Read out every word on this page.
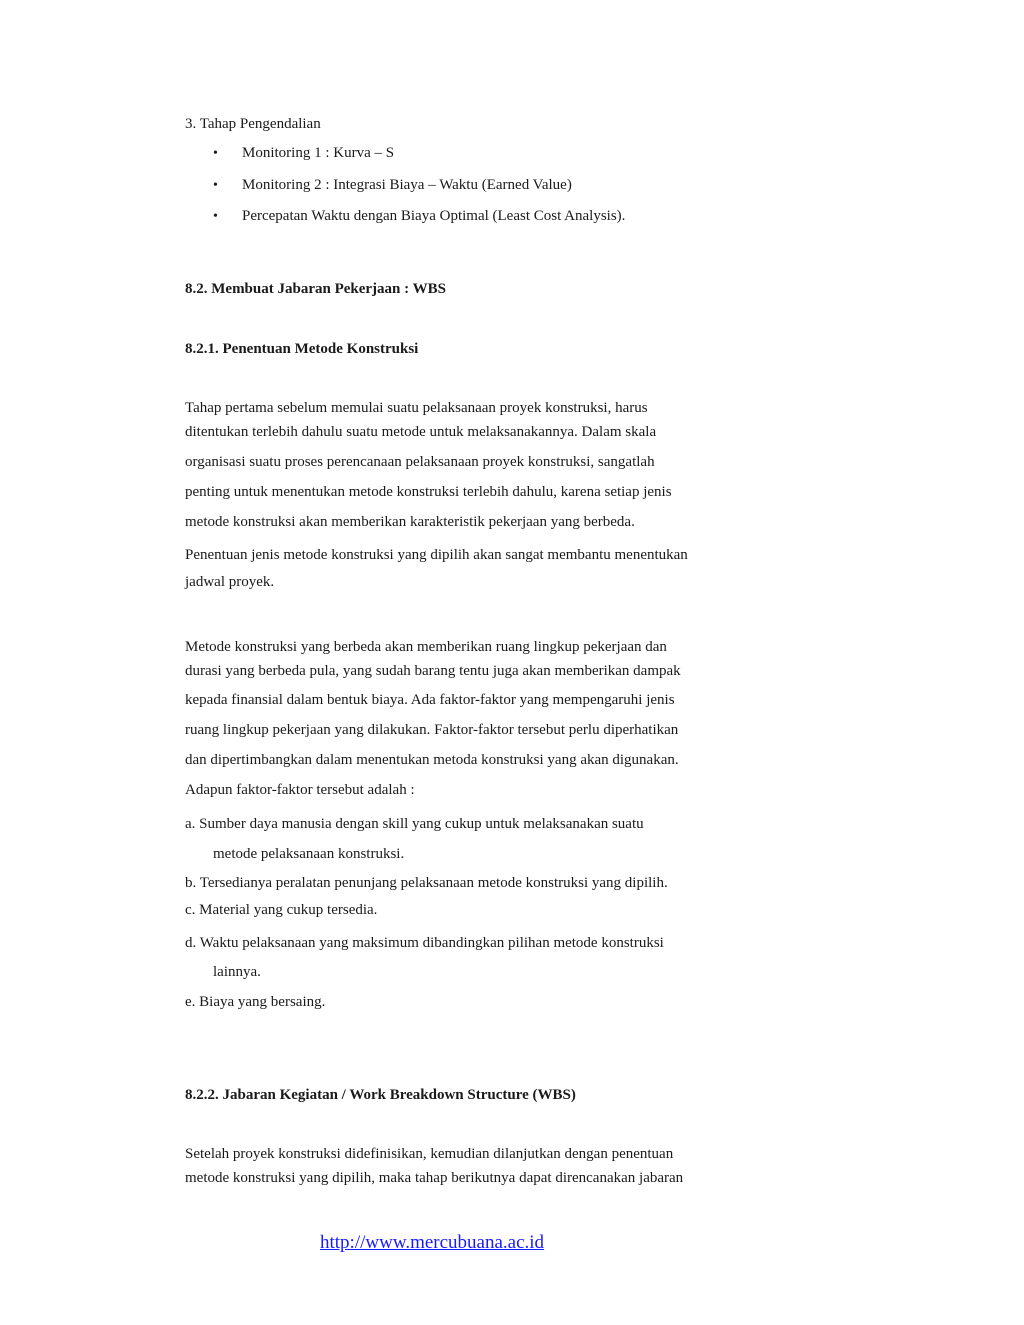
3. Tahap Pengendalian
• Monitoring 1 : Kurva – S
• Monitoring 2 : Integrasi Biaya – Waktu (Earned Value)
• Percepatan Waktu dengan Biaya Optimal (Least Cost Analysis).
8.2. Membuat Jabaran Pekerjaan : WBS
8.2.1. Penentuan Metode Konstruksi
Tahap pertama sebelum memulai suatu pelaksanaan proyek konstruksi, harus
ditentukan terlebih dahulu suatu metode untuk melaksanakannya. Dalam skala
organisasi suatu proses perencanaan pelaksanaan proyek konstruksi, sangatlah
penting untuk menentukan metode konstruksi terlebih dahulu, karena setiap jenis
metode konstruksi akan memberikan karakteristik pekerjaan yang berbeda.
Penentuan jenis metode konstruksi yang dipilih akan sangat membantu menentukan
jadwal proyek.
Metode konstruksi yang berbeda akan memberikan ruang lingkup pekerjaan dan
durasi yang berbeda pula, yang sudah barang tentu juga akan memberikan dampak
kepada finansial dalam bentuk biaya. Ada faktor-faktor yang mempengaruhi jenis
ruang lingkup pekerjaan yang dilakukan. Faktor-faktor tersebut perlu diperhatikan
dan dipertimbangkan dalam menentukan metoda konstruksi yang akan digunakan.
Adapun faktor-faktor tersebut adalah :
a. Sumber daya manusia dengan skill yang cukup untuk melaksanakan suatu
metode pelaksanaan konstruksi.
b. Tersedianya peralatan penunjang pelaksanaan metode konstruksi yang dipilih.
c. Material yang cukup tersedia.
d. Waktu pelaksanaan yang maksimum dibandingkan pilihan metode konstruksi
lainnya.
e. Biaya yang bersaing.
8.2.2. Jabaran Kegiatan / Work Breakdown Structure (WBS)
Setelah proyek konstruksi didefinisikan, kemudian dilanjutkan dengan penentuan
metode konstruksi yang dipilih, maka tahap berikutnya dapat direncanakan jabaran
http://www.mercubuana.ac.id
